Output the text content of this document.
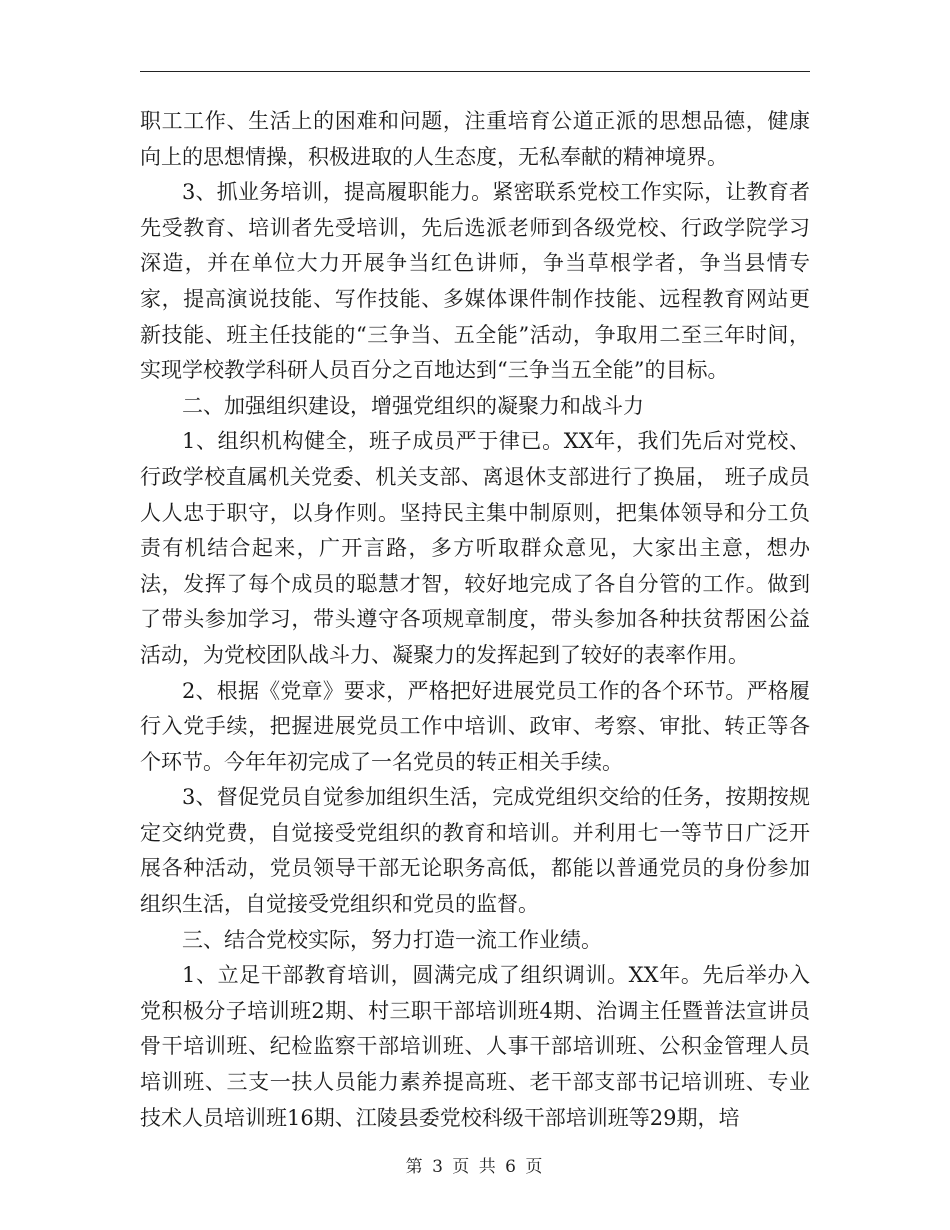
职工工作、生活上的困难和问题，注重培育公道正派的思想品德，健康向上的思想情操，积极进取的人生态度，无私奉献的精神境界。

3、抓业务培训，提高履职能力。紧密联系党校工作实际，让教育者先受教育、培训者先受培训，先后选派老师到各级党校、行政学院学习深造，并在单位大力开展争当红色讲师，争当草根学者，争当县情专家，提高演说技能、写作技能、多媒体课件制作技能、远程教育网站更新技能、班主任技能的“三争当、五全能”活动，争取用二至三年时间，实现学校教学科研人员百分之百地达到“三争当五全能”的目标。

二、加强组织建设，增强党组织的凝聚力和战斗力

1、组织机构健全，班子成员严于律已。XX年，我们先后对党校、行政学校直属机关党委、机关支部、离退休支部进行了换届， 班子成员人人忠于职守，以身作则。坚持民主集中制原则，把集体领导和分工负责有机结合起来，广开言路，多方听取群众意见，大家出主意，想办法，发挥了每个成员的聪慧才智，较好地完成了各自分管的工作。做到了带头参加学习，带头遵守各项规章制度，带头参加各种扶贫帮困公益活动，为党校团队战斗力、凝聚力的发挥起到了较好的表率作用。

2、根据《党章》要求，严格把好进展党员工作的各个环节。严格履行入党手续，把握进展党员工作中培训、政审、考察、审批、转正等各个环节。今年年初完成了一名党员的转正相关手续。

3、督促党员自觉参加组织生活，完成党组织交给的任务，按期按规定交纳党费，自觉接受党组织的教育和培训。并利用七一等节日广泛开展各种活动，党员领导干部无论职务高低，都能以普通党员的身份参加组织生活，自觉接受党组织和党员的监督。

三、结合党校实际，努力打造一流工作业绩。

1、立足干部教育培训，圆满完成了组织调训。XX年。先后举办入党积极分子培训班2期、村三职干部培训班4期、治调主任暨普法宣讲员骨干培训班、纪检监察干部培训班、人事干部培训班、公积金管理人员培训班、三支一扶人员能力素养提高班、老干部支部书记培训班、专业技术人员培训班16期、江陵县委党校科级干部培训班等29期，培

第 3 页 共 6 页
